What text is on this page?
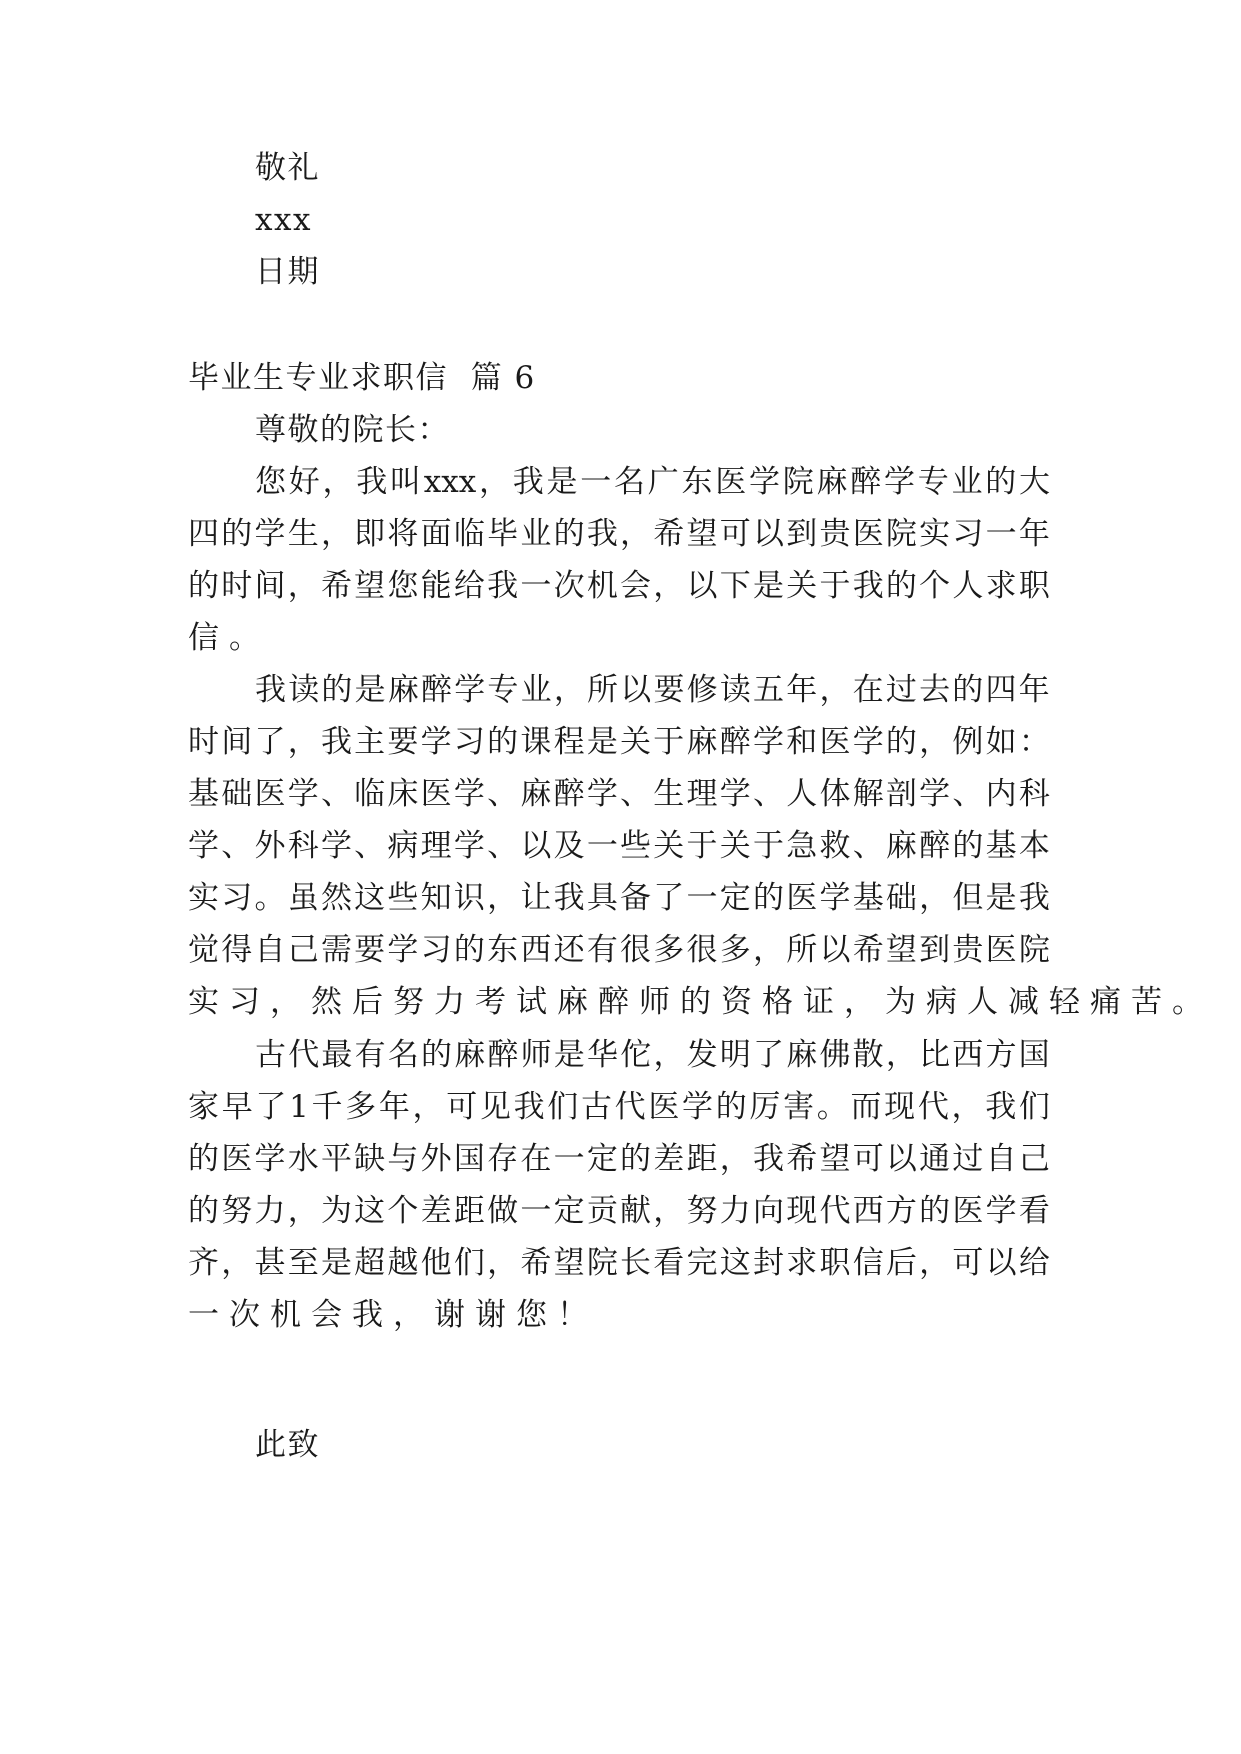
敬礼
xxx
日期
毕业生专业求职信  篇 6
尊敬的院长：
您 好 ， 我 叫 xxx ， 我 是 一 名 广 东 医 学 院 麻 醉 学 专 业 的 大
四 的 学 生 ， 即 将 面 临 毕 业 的 我 ， 希 望 可 以 到 贵 医 院 实 习 一 年
的 时 间 ， 希 望 您 能 给 我 一 次 机 会 ， 以 下 是 关 于 我 的 个 人 求 职
信。
我 读 的 是 麻 醉 学 专 业 ， 所 以 要 修 读 五 年 ， 在 过 去 的 四 年
时 间 了 ， 我 主 要 学 习 的 课 程 是 关 于 麻 醉 学 和 医 学 的 ， 例 如 ：
基 础 医 学 、 临 床 医 学 、 麻 醉 学 、 生 理 学 、 人 体 解 剖 学 、 内 科
学 、 外 科 学 、 病 理 学 、 以 及 一 些 关 于 关 于 急 救 、 麻 醉 的 基 本
实 习 。 虽 然 这 些 知 识 ， 让 我 具 备 了 一 定 的 医 学 基 础 ， 但 是 我
觉 得 自 己 需 要 学 习 的 东 西 还 有 很 多 很 多 ， 所 以 希 望 到 贵 医 院
实习，然后努力考试麻醉师的资格证，为病人减轻痛苦。
古 代 最 有 名 的 麻 醉 师 是 华 佗 ， 发 明 了 麻 佛 散 ， 比 西 方 国
家 早 了 1 千 多 年 ， 可 见 我 们 古 代 医 学 的 厉 害 。 而 现 代 ， 我 们
的 医 学 水 平 缺 与 外 国 存 在 一 定 的 差 距 ， 我 希 望 可 以 通 过 自 己
的 努 力 ， 为 这 个 差 距 做 一 定 贡 献 ， 努 力 向 现 代 西 方 的 医 学 看
齐 ， 甚 至 是 超 越 他 们 ， 希 望 院 长 看 完 这 封 求 职 信 后 ， 可 以 给
一次机会我，谢谢您！
此致
